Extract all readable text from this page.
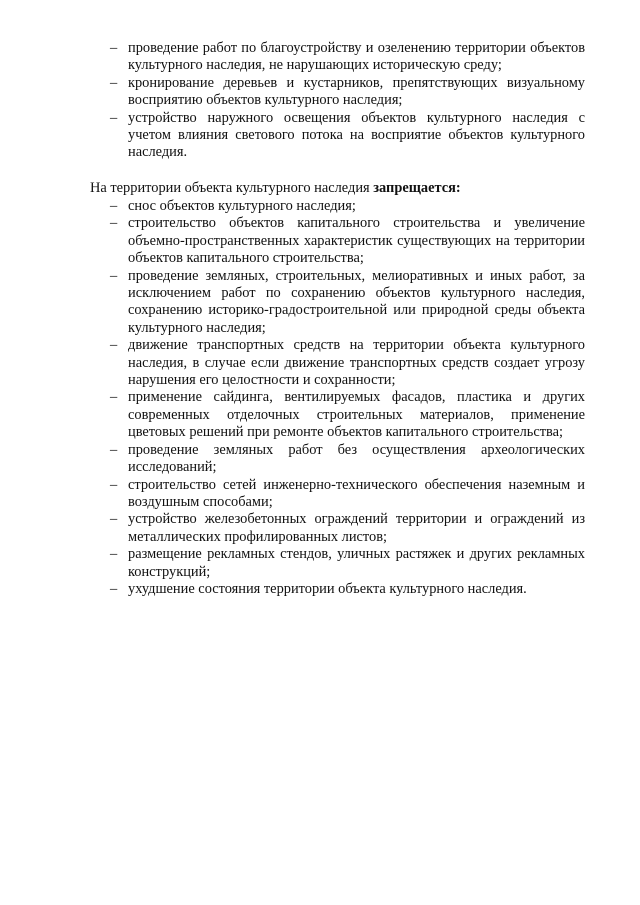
– проведение работ по благоустройству и озеленению территории объектов культурного наследия, не нарушающих историческую среду;
– кронирование деревьев и кустарников, препятствующих визуальному восприятию объектов культурного наследия;
– устройство наружного освещения объектов культурного наследия с учетом влияния светового потока на восприятие объектов культурного наследия.

На территории объекта культурного наследия запрещается:

– снос объектов культурного наследия;
– строительство объектов капитального строительства и увеличение объемно-пространственных характеристик существующих на территории объектов капитального строительства;
– проведение земляных, строительных, мелиоративных и иных работ, за исключением работ по сохранению объектов культурного наследия, сохранению историко-градостроительной или природной среды объекта культурного наследия;
– движение транспортных средств на территории объекта культурного наследия, в случае если движение транспортных средств создает угрозу нарушения его целостности и сохранности;
– применение сайдинга, вентилируемых фасадов, пластика и других современных отделочных строительных материалов, применение цветовых решений при ремонте объектов капитального строительства;
– проведение земляных работ без осуществления археологических исследований;
– строительство сетей инженерно-технического обеспечения наземным и воздушным способами;
– устройство железобетонных ограждений территории и ограждений из металлических профилированных листов;
– размещение рекламных стендов, уличных растяжек и других рекламных конструкций;
– ухудшение состояния территории объекта культурного наследия.
